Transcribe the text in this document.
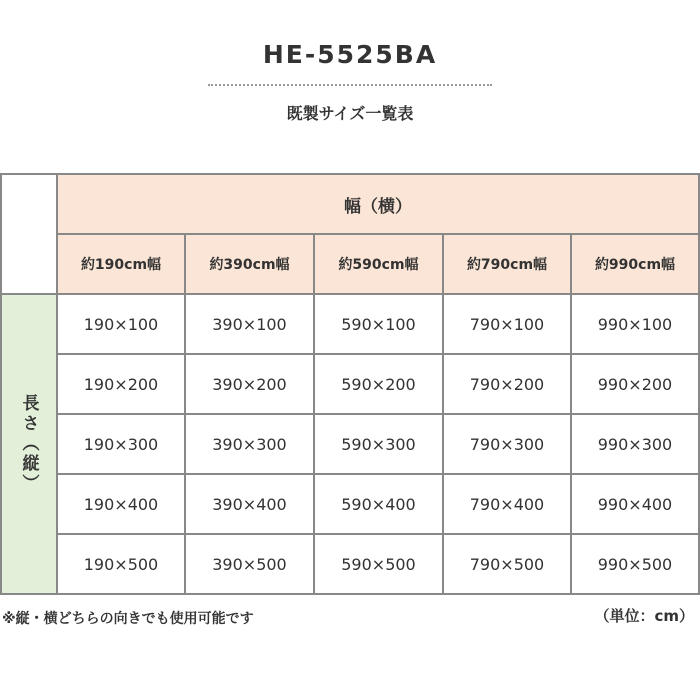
HE-5525BA
既製サイズ一覧表
幅（横）
約190cm幅	約390cm幅	約590cm幅	約790cm幅	約990cm幅
長さ（縦）
190×100	390×100	590×100	790×100	990×100
190×200	390×200	590×200	790×200	990×200
190×300	390×300	590×300	790×300	990×300
190×400	390×400	590×400	790×400	990×400
190×500	390×500	590×500	790×500	990×500
※縦・横どちらの向きでも使用可能です	（単位：cm）
